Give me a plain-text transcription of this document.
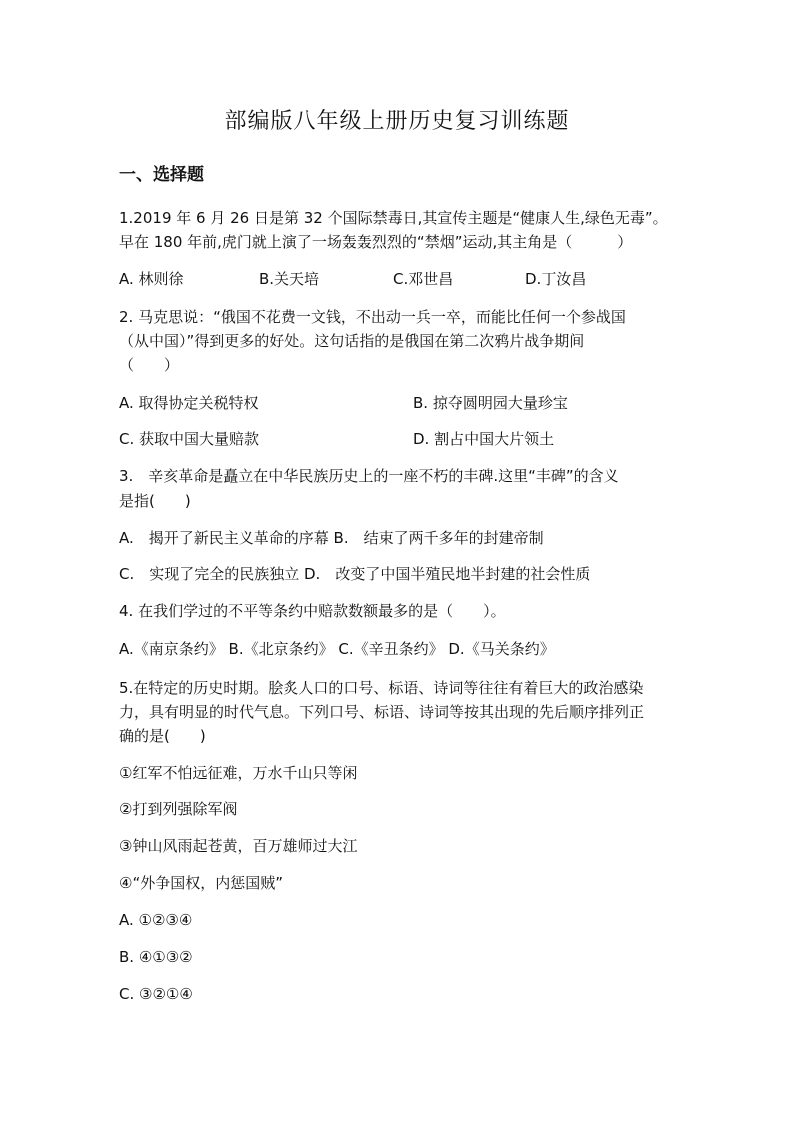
部编版八年级上册历史复习训练题
一、选择题
1.2019 年 6 月 26 日是第 32 个国际禁毒日,其宣传主题是“健康人生,绿色无毒”。
早在 180 年前,虎门就上演了一场轰轰烈烈的“禁烟”运动,其主角是（　　　）
A. 林则徐	B.关天培	C.邓世昌	D.丁汝昌
2. 马克思说：“俄国不花费一文钱，不出动一兵一卒，而能比任何一个参战国
（从中国）”得到更多的好处。这句话指的是俄国在第二次鸦片战争期间
（　　）
A. 取得协定关税特权	B. 掠夺圆明园大量珍宝
C. 获取中国大量赔款	D. 割占中国大片领土
3.　辛亥革命是矗立在中华民族历史上的一座不朽的丰碑.这里“丰碑”的含义
是指(　　)
A.　揭开了新民主义革命的序幕 B.　结束了两千多年的封建帝制
C.　实现了完全的民族独立 D.　改变了中国半殖民地半封建的社会性质
4. 在我们学过的不平等条约中赔款数额最多的是（　　）。
A.《南京条约》 B.《北京条约》 C.《辛丑条约》 D.《马关条约》
5.在特定的历史时期。脍炙人口的口号、标语、诗词等往往有着巨大的政治感染
力，具有明显的时代气息。下列口号、标语、诗词等按其出现的先后顺序排列正
确的是(　　)
①红军不怕远征难，万水千山只等闲
②打到列强除军阀
③钟山风雨起苍黄，百万雄师过大江
④“外争国权，内惩国贼”
A. ①②③④
B. ④①③②
C. ③②①④
